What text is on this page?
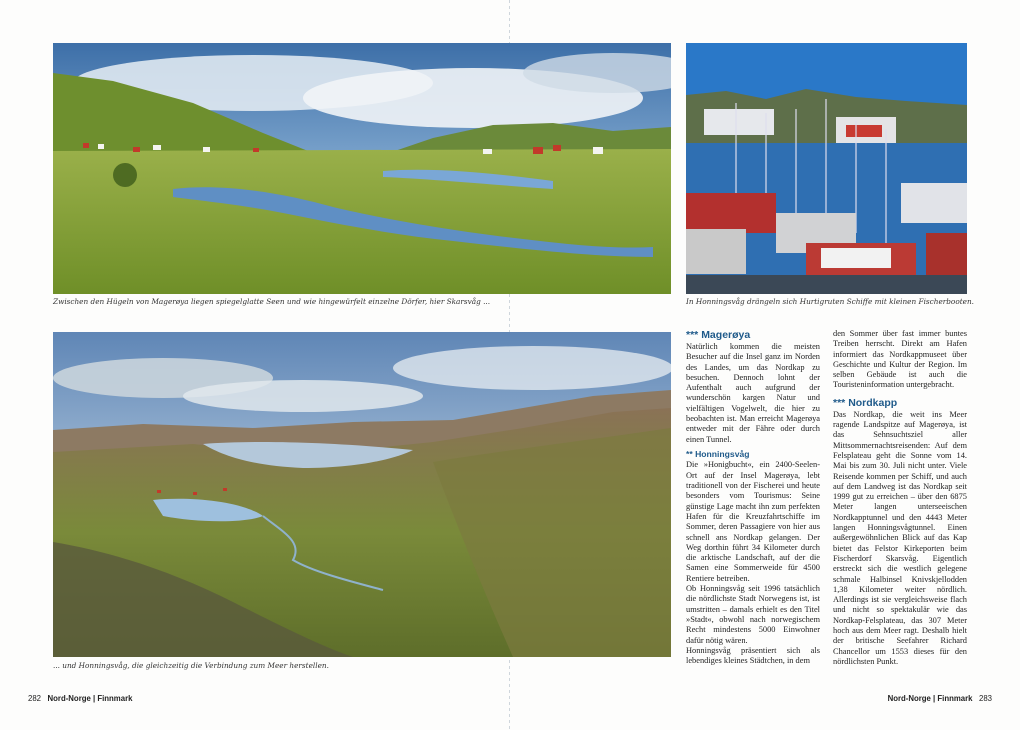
Zwischen den Hügeln von Magerøya liegen spiegelglatte Seen und wie hingewürfelt einzelne Dörfer, hier Skarsvåg ...	In Honningsvåg drängeln sich Hurtigruten Schiffe mit kleinen Fischerbooten.
... und Honningsvåg, die gleichzeitig die Verbindung zum Meer herstellen.
*** Magerøya

Natürlich kommen die meisten Besucher auf die Insel ganz im Norden des Landes, um das Nordkap zu besuchen. Dennoch lohnt der Aufenthalt auch aufgrund der wunderschön kargen Natur und vielfältigen Vogelwelt, die hier zu beobachten ist. Man erreicht Magerøya entweder mit der Fähre oder durch einen Tunnel.

** Honningsvåg

Die »Honigbucht«, ein 2400-Seelen-Ort auf der Insel Magerøya, lebt traditionell von der Fischerei und heute besonders vom Tourismus: Seine günstige Lage macht ihn zum perfekten Hafen für die Kreuzfahrtschiffe im Sommer, deren Passagiere von hier aus schnell ans Nordkap gelangen. Der Weg dorthin führt 34 Kilometer durch die arktische Landschaft, auf der die Samen eine Sommerweide für 4500 Rentiere betreiben.

Ob Honningsvåg seit 1996 tatsächlich die nördlichste Stadt Norwegens ist, ist umstritten – damals erhielt es den Titel »Stadt«, obwohl nach norwegischem Recht mindestens 5000 Einwohner dafür nötig wären.

Honningsvåg präsentiert sich als lebendiges kleines Städtchen, in dem

den Sommer über fast immer buntes Treiben herrscht. Direkt am Hafen informiert das Nordkappmuseet über Geschichte und Kultur der Region. Im selben Gebäude ist auch die Touristeninformation untergebracht.

*** Nordkapp

Das Nordkap, die weit ins Meer ragende Landspitze auf Magerøya, ist das Sehnsuchtsziel aller Mittsommernachtsreisenden: Auf dem Felsplateau geht die Sonne vom 14. Mai bis zum 30. Juli nicht unter. Viele Reisende kommen per Schiff, und auch auf dem Landweg ist das Nordkap seit 1999 gut zu erreichen – über den 6875 Meter langen unterseeischen Nordkapptunnel und den 4443 Meter langen Honningsvågtunnel. Einen außergewöhnlichen Blick auf das Kap bietet das Felstor Kirkeporten beim Fischerdorf Skarsvåg. Eigentlich erstreckt sich die westlich gelegene schmale Halbinsel Knivskjellodden 1,38 Kilometer weiter nördlich. Allerdings ist sie vergleichsweise flach und nicht so spektakulär wie das Nordkap-Felsplateau, das 307 Meter hoch aus dem Meer ragt. Deshalb hielt der britische Seefahrer Richard Chancellor um 1553 dieses für den nördlichsten Punkt.

282 Nord-Norge | Finnmark	Nord-Norge | Finnmark 283
